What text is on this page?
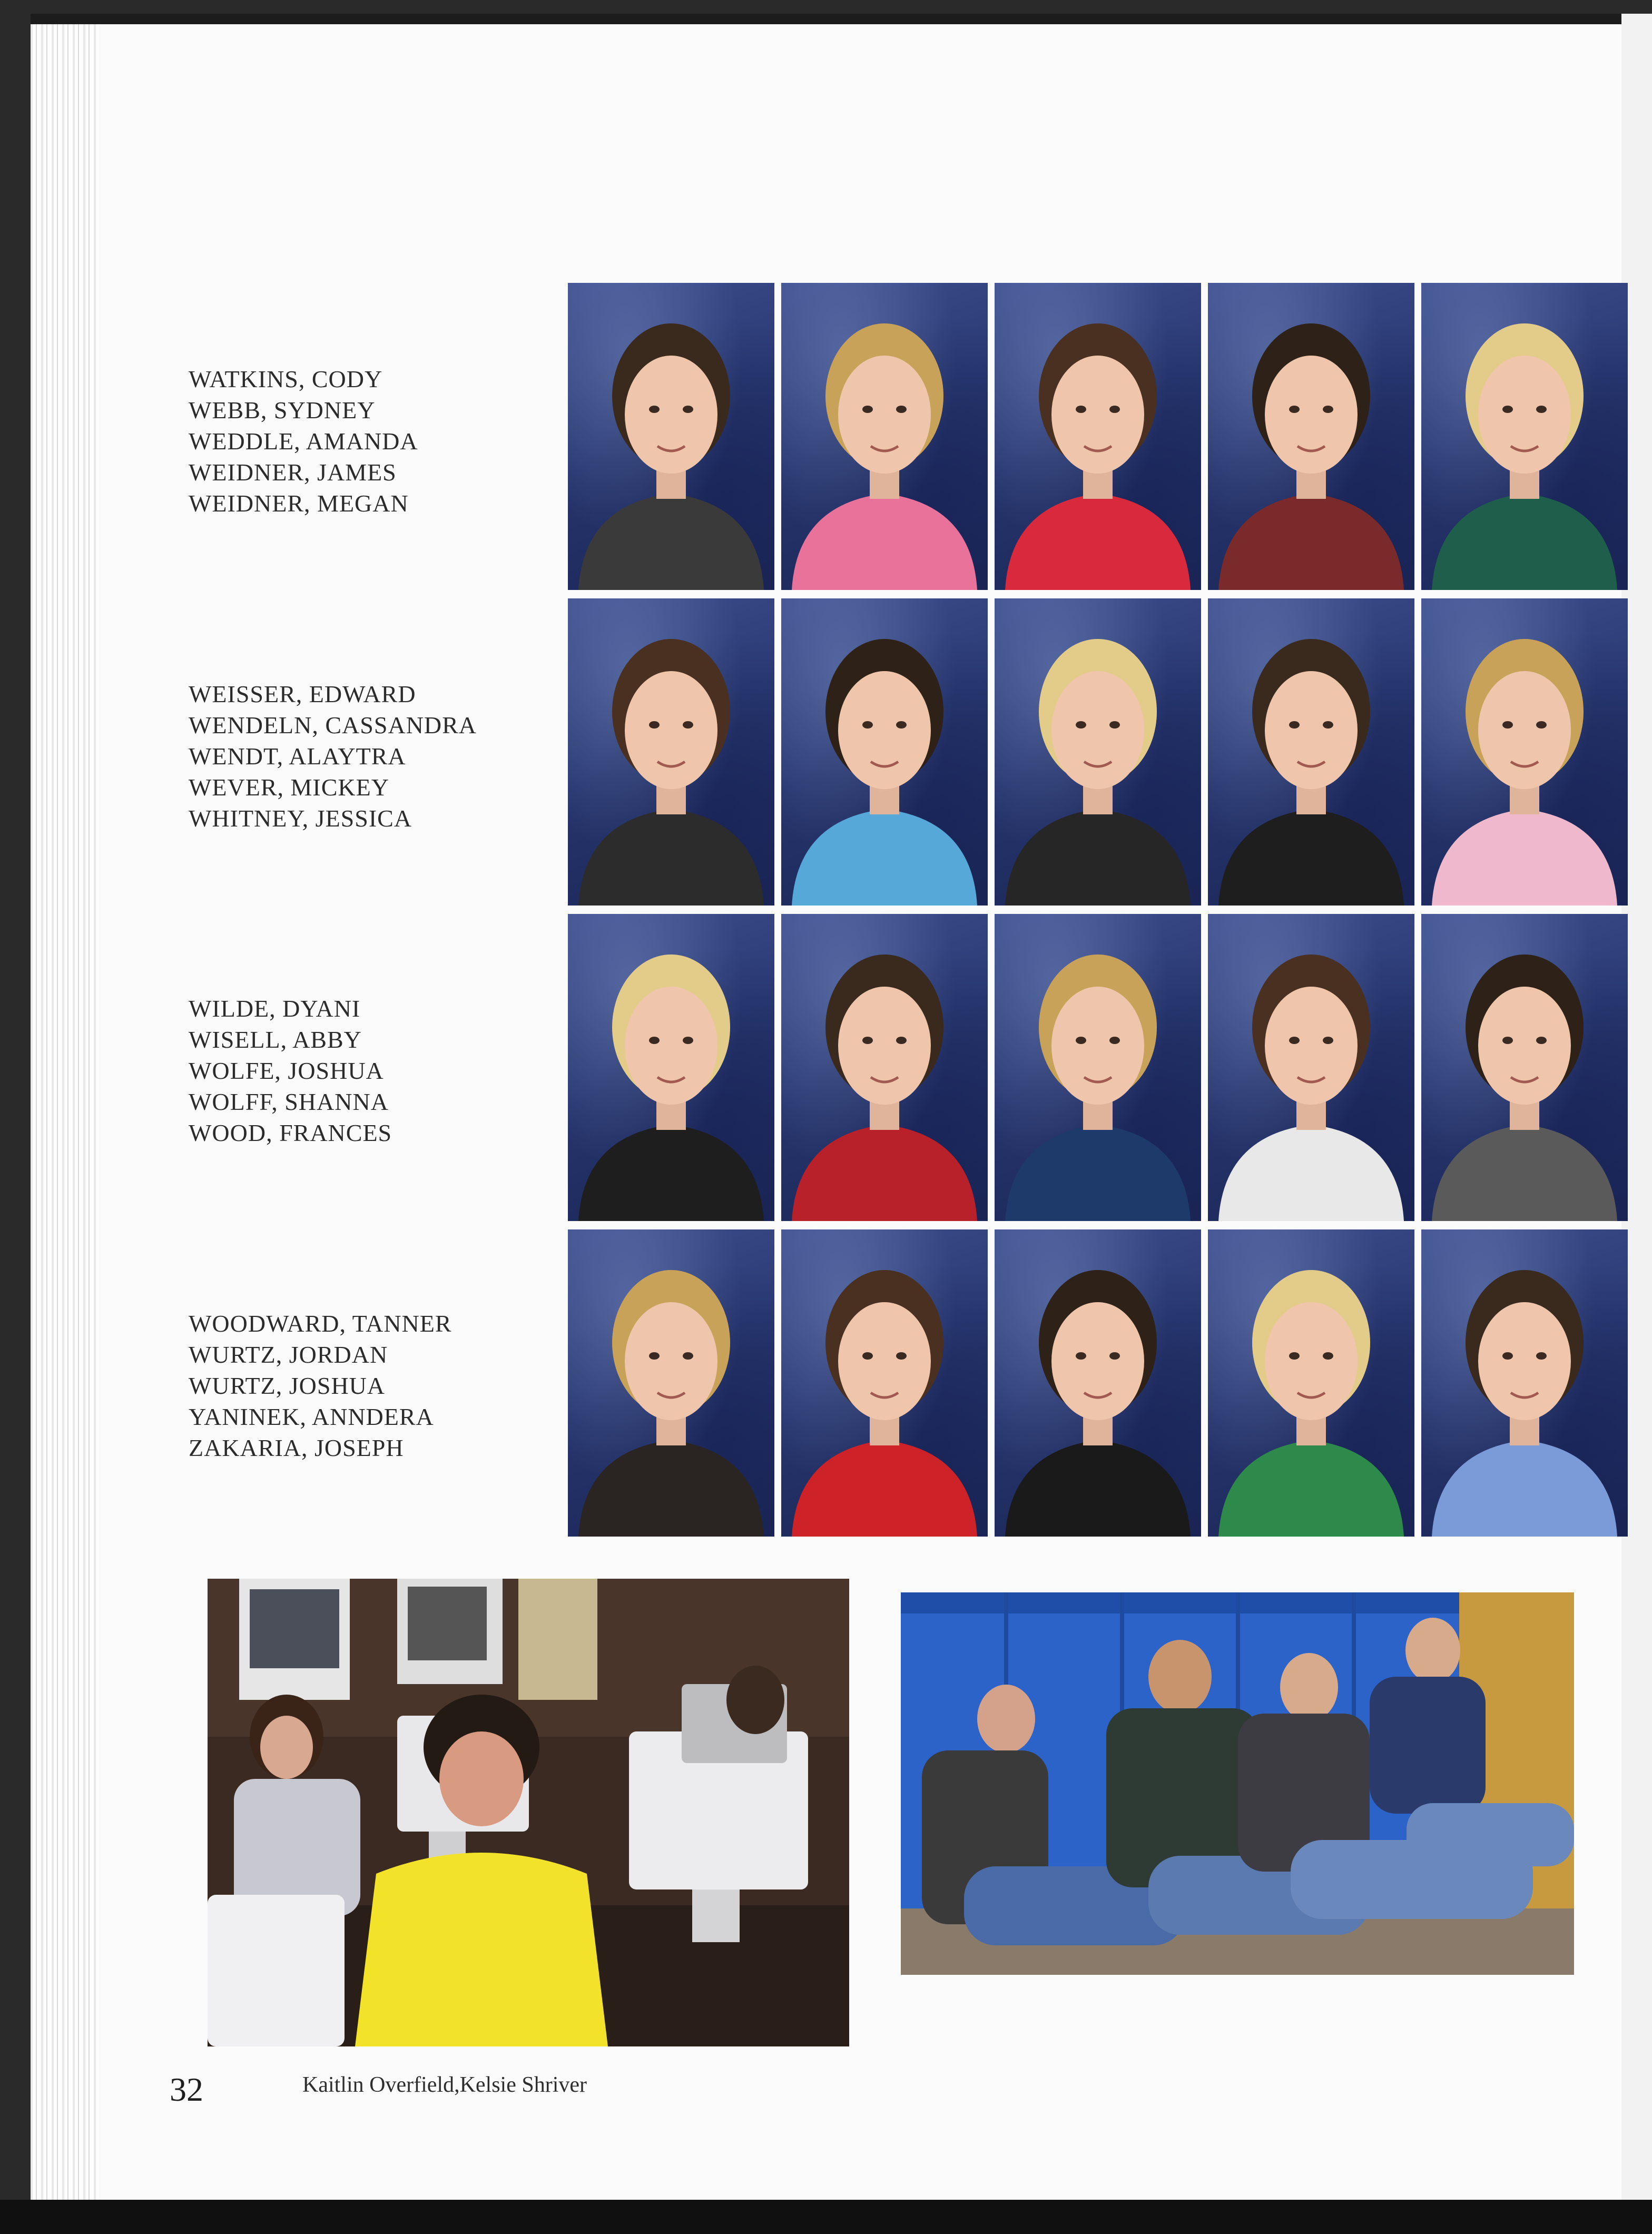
WATKINS, CODY
WEBB, SYDNEY
WEDDLE, AMANDA
WEIDNER, JAMES
WEIDNER, MEGAN
WEISSER, EDWARD
WENDELN, CASSANDRA
WENDT, ALAYTRA
WEVER, MICKEY
WHITNEY, JESSICA
WILDE, DYANI
WISELL, ABBY
WOLFE, JOSHUA
WOLFF, SHANNA
WOOD, FRANCES
WOODWARD, TANNER
WURTZ, JORDAN
WURTZ, JOSHUA
YANINEK, ANNDERA
ZAKARIA, JOSEPH
32	Kaitlin Overfield,Kelsie Shriver
